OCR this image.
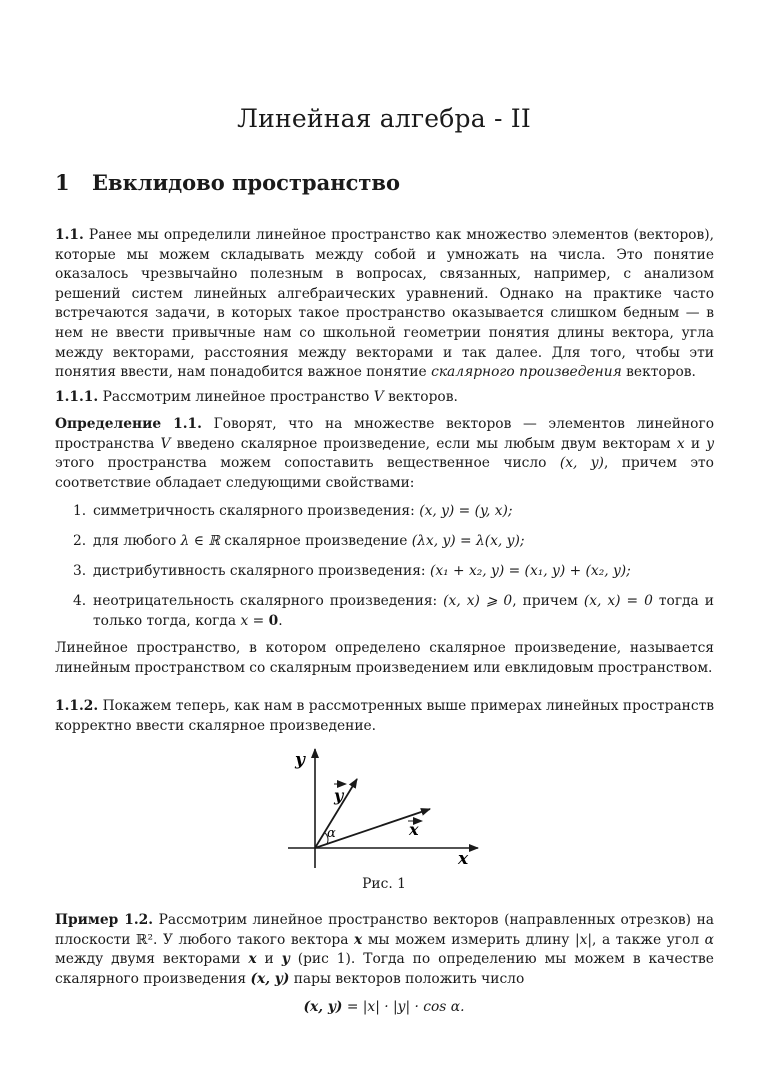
Линейная алгебра - II
1 Евклидово пространство

1.1. Ранее мы определили линейное пространство как множество элементов (векторов), которые мы можем складывать между собой и умножать на числа. Это понятие оказалось чрезвычайно полезным в вопросах, связанных, например, с анализом решений систем линейных алгебраических уравнений. Однако на практике часто встречаются задачи, в которых такое пространство оказывается слишком бедным — в нем не ввести привычные нам со школьной геометрии понятия длины вектора, угла между векторами, расстояния между векторами и так далее. Для того, чтобы эти понятия ввести, нам понадобится важное понятие скалярного произведения векторов.

1.1.1. Рассмотрим линейное пространство V векторов.

Определение 1.1. Говорят, что на множестве векторов — элементов линейного пространства V введено скалярное произведение, если мы любым двум векторам x и y этого пространства можем сопоставить вещественное число (x, y), причем это соответствие обладает следующими свойствами:

1. симметричность скалярного произведения: (x, y) = (y, x);
2. для любого λ ∈ ℝ скалярное произведение (λx, y) = λ(x, y);
3. дистрибутивность скалярного произведения: (x₁ + x₂, y) = (x₁, y) + (x₂, y);
4. неотрицательность скалярного произведения: (x, x) ⩾ 0, причем (x, x) = 0 тогда и только тогда, когда x = 0.

Линейное пространство, в котором определено скалярное произведение, называется линейным пространством со скалярным произведением или евклидовым пространством.

1.1.2. Покажем теперь, как нам в рассмотренных выше примерах линейных пространств корректно ввести скалярное произведение.

y
x
y
x
α
Рис. 1

Пример 1.2. Рассмотрим линейное пространство векторов (направленных отрезков) на плоскости ℝ². У любого такого вектора x мы можем измерить длину |x|, а также угол α между двумя векторами x и y (рис 1). Тогда по определению мы можем в качестве скалярного произведения (x, y) пары векторов положить число

(x, y) = |x| · |y| · cos α.
